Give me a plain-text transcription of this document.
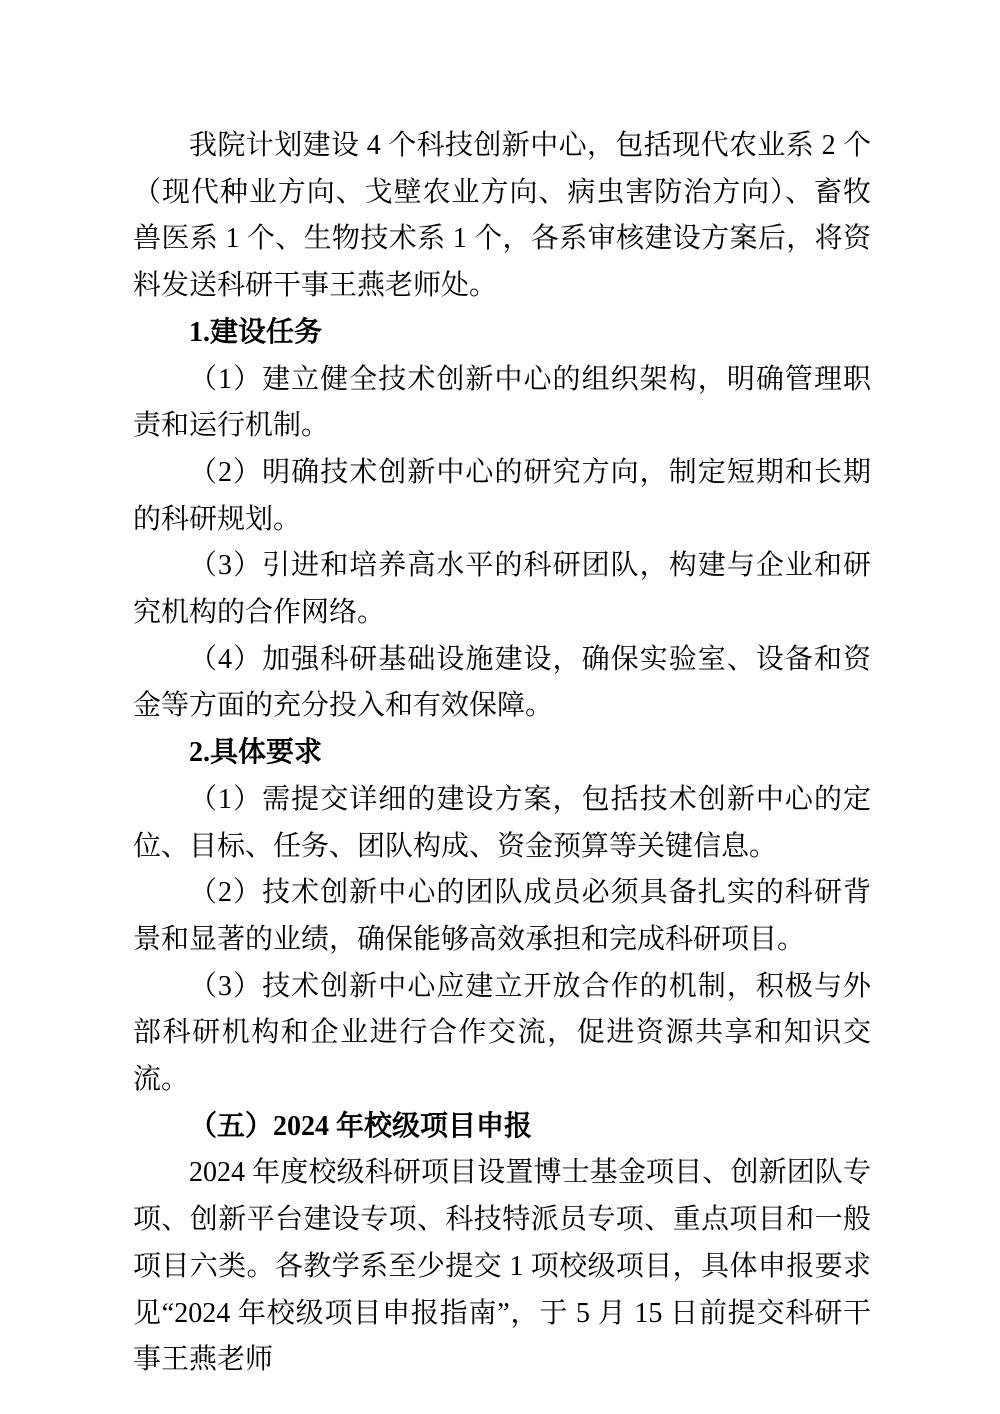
我院计划建设 4 个科技创新中心，包括现代农业系 2 个（现代种业方向、戈壁农业方向、病虫害防治方向）、畜牧兽医系 1 个、生物技术系 1 个，各系审核建设方案后，将资料发送科研干事王燕老师处。

1.建设任务

（1）建立健全技术创新中心的组织架构，明确管理职责和运行机制。

（2）明确技术创新中心的研究方向，制定短期和长期的科研规划。

（3）引进和培养高水平的科研团队，构建与企业和研究机构的合作网络。

（4）加强科研基础设施建设，确保实验室、设备和资金等方面的充分投入和有效保障。

2.具体要求

（1）需提交详细的建设方案，包括技术创新中心的定位、目标、任务、团队构成、资金预算等关键信息。

（2）技术创新中心的团队成员必须具备扎实的科研背景和显著的业绩，确保能够高效承担和完成科研项目。

（3）技术创新中心应建立开放合作的机制，积极与外部科研机构和企业进行合作交流，促进资源共享和知识交流。

（五）2024 年校级项目申报

2024 年度校级科研项目设置博士基金项目、创新团队专项、创新平台建设专项、科技特派员专项、重点项目和一般项目六类。各教学系至少提交 1 项校级项目，具体申报要求见“2024 年校级项目申报指南”，于 5 月 15 日前提交科研干事王燕老师
